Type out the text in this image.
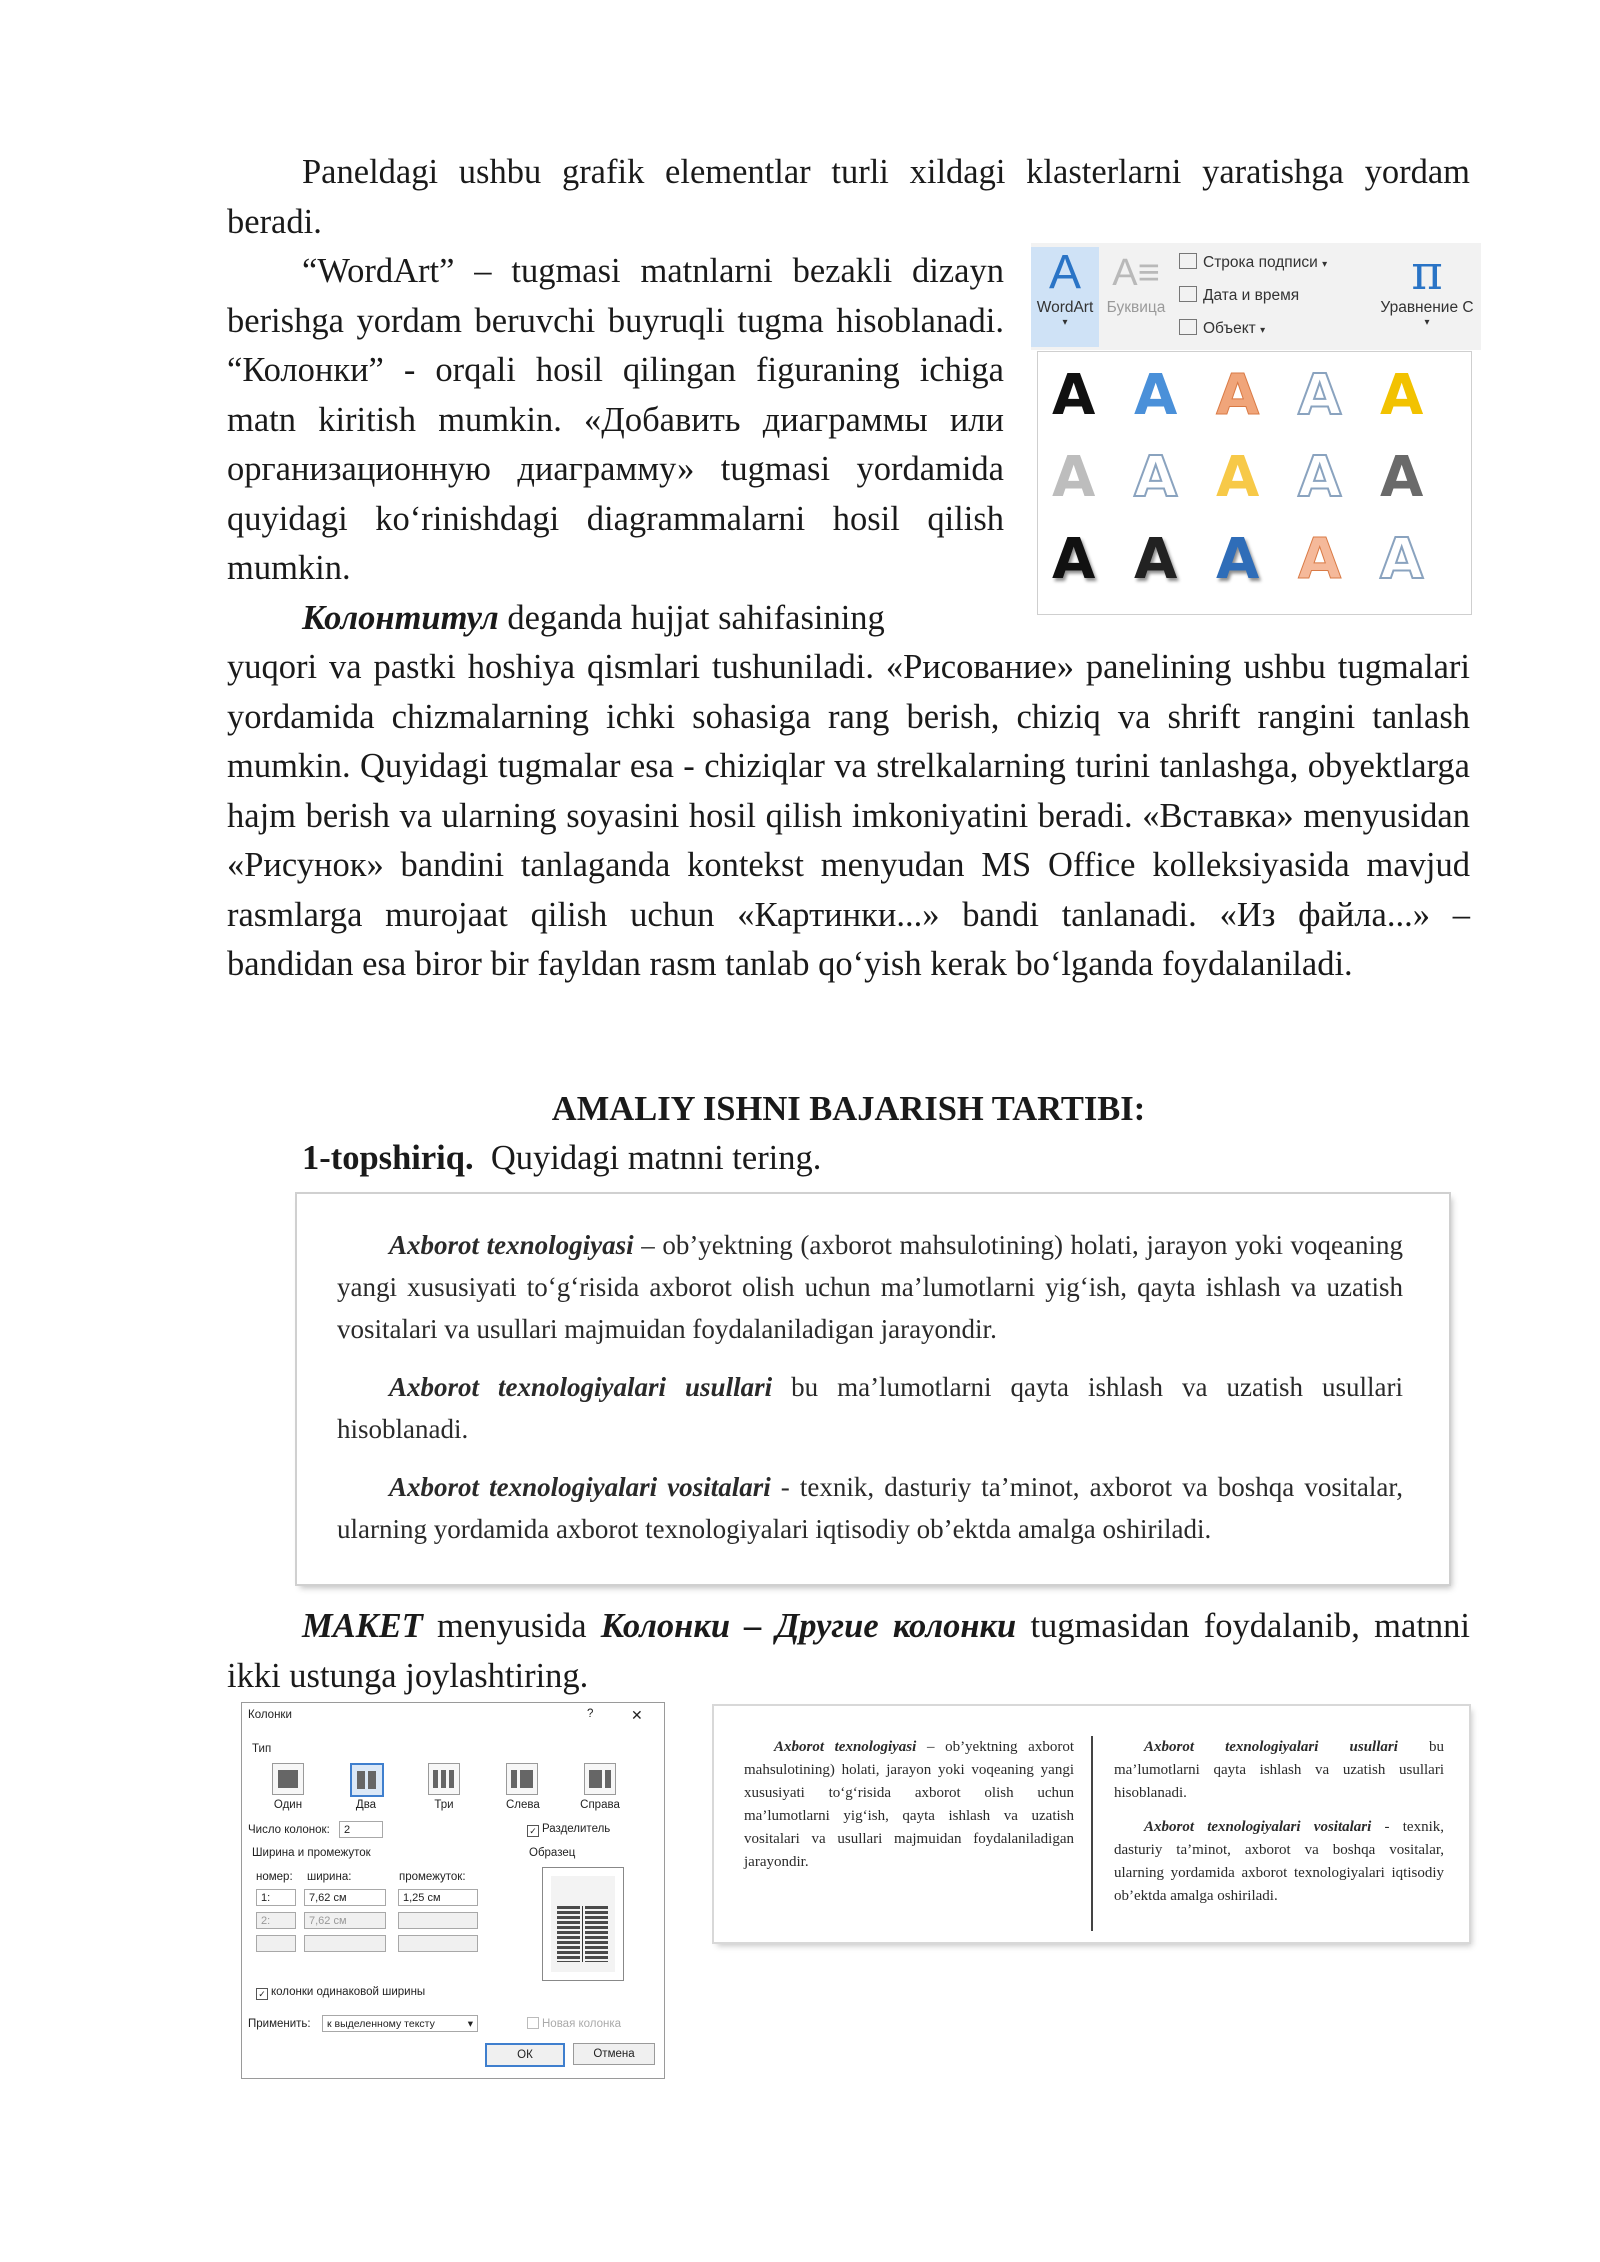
Paneldagi ushbu grafik elementlar turli xildagi klasterlarni yaratishga yordam beradi.

“WordArt” – tugmasi matnlarni bezakli dizayn berishga yordam beruvchi buyruqli tugma hisoblanadi. “Колонки” - orqali hosil qilingan figuraning ichiga matn kiritish mumkin. «Добавить диаграммы или организационную диаграмму» tugmasi yordamida quyidagi ko‘rinishdagi diagrammalarni hosil qilish mumkin.

Колонтитул deganda hujjat sahifasining

yuqori va pastki hoshiya qismlari tushuniladi. «Рисование» panelining ushbu tugmalari yordamida chizmalarning ichki sohasiga rang berish, chiziq va shrift rangini tanlash mumkin. Quyidagi tugmalar esa - chiziqlar va strelkalarning turini tanlashga, obyektlarga hajm berish va ularning soyasini hosil qilish imkoniyatini beradi. «Вставка» menyusidan «Рисунок» bandini tanlaganda kontekst menyudan MS Office kolleksiyasida mavjud rasmlarga murojaat qilish uchun «Картинки...» bandi tanlanadi. «Из файла...» – bandidan esa biror bir fayldan rasm tanlab qo‘yish kerak bo‘lganda foydalaniladi.

AMALIY ISHNI BAJARISH TARTIBI:

1-topshiriq. Quyidagi matnni tering.

A
WordArt
▾
A≡
Буквица
Строка подписи ▾
Дата и время
Объект ▾
π
Уравнение С
▾
A A A A A
A A A A A
A A A A A

Axborot texnologiyasi – ob’yektning (axborot mahsulotining) holati, jarayon yoki voqeaning yangi xususiyati to‘g‘risida axborot olish uchun ma’lumotlarni yig‘ish, qayta ishlash va uzatish vositalari va usullari majmuidan foydalaniladigan jarayondir.

Axborot texnologiyalari usullari bu ma’lumotlarni qayta ishlash va uzatish usullari hisoblanadi.

Axborot texnologiyalari vositalari - texnik, dasturiy ta’minot, axborot va boshqa vositalar, ularning yordamida axborot texnologiyalari iqtisodiy ob’ektda amalga oshiriladi.

MAKET menyusida Колонки – Другие колонки tugmasidan foydalanib, matnni ikki ustunga joylashtiring.

Колонки	?	✕
Тип
Один	Два	Три	Слева	Справа
Число колонок:	2	✓ Разделитель
Ширина и промежуток	Образец
номер: ширина:	промежуток:
1:	7,62 см	1,25 см
2:	7,62 см
✓ колонки одинаковой ширины
Применить:	к выделенному тексту	▾	Новая колонка
ОК	Отмена

Axborot texnologiyasi – ob’yektning axborot mahsulotining) holati, jarayon yoki voqeaning yangi xususiyati to‘g‘risida axborot olish uchun ma’lumotlarni yig‘ish, qayta ishlash va uzatish vositalari va usullari majmuidan foydalaniladigan jarayondir.

Axborot texnologiyalari usullari bu ma’lumotlarni qayta ishlash va uzatish usullari hisoblanadi.

Axborot texnologiyalari vositalari - texnik, dasturiy ta’minot, axborot va boshqa vositalar, ularning yordamida axborot texnologiyalari iqtisodiy ob’ektda amalga oshiriladi.
